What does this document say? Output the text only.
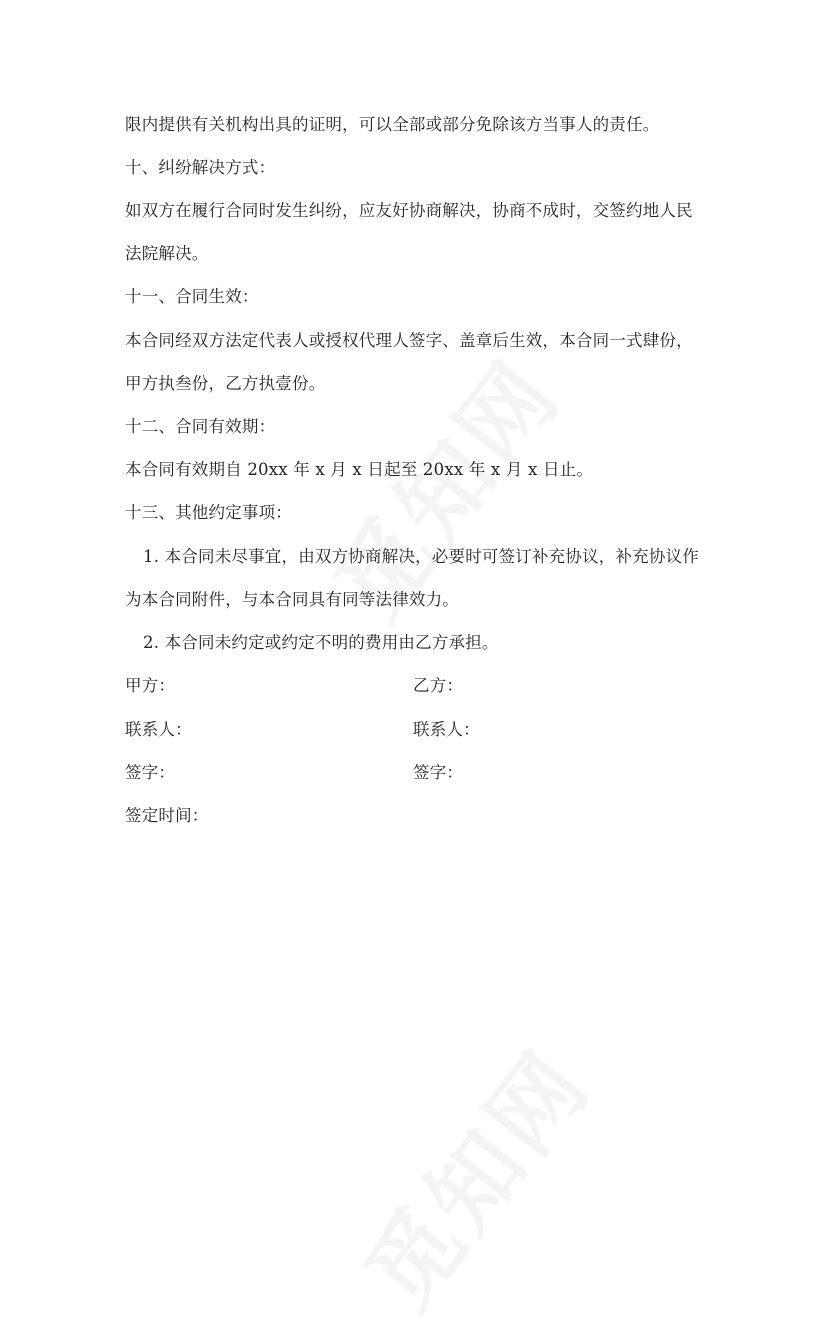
限内提供有关机构出具的证明，可以全部或部分免除该方当事人的责任。
十、纠纷解决方式：
如双方在履行合同时发生纠纷，应友好协商解决，协商不成时，交签约地人民
法院解决。
十一、合同生效：
本合同经双方法定代表人或授权代理人签字、盖章后生效，本合同一式肆份，
甲方执叁份，乙方执壹份。
十二、合同有效期：
本合同有效期自 20xx 年 x 月 x 日起至 20xx 年 x 月 x 日止。
十三、其他约定事项：
1. 本合同未尽事宜，由双方协商解决，必要时可签订补充协议，补充协议作
为本合同附件，与本合同具有同等法律效力。
2. 本合同未约定或约定不明的费用由乙方承担。
甲方：	乙方：
联系人：	联系人：
签字：	签字：
签定时间：
